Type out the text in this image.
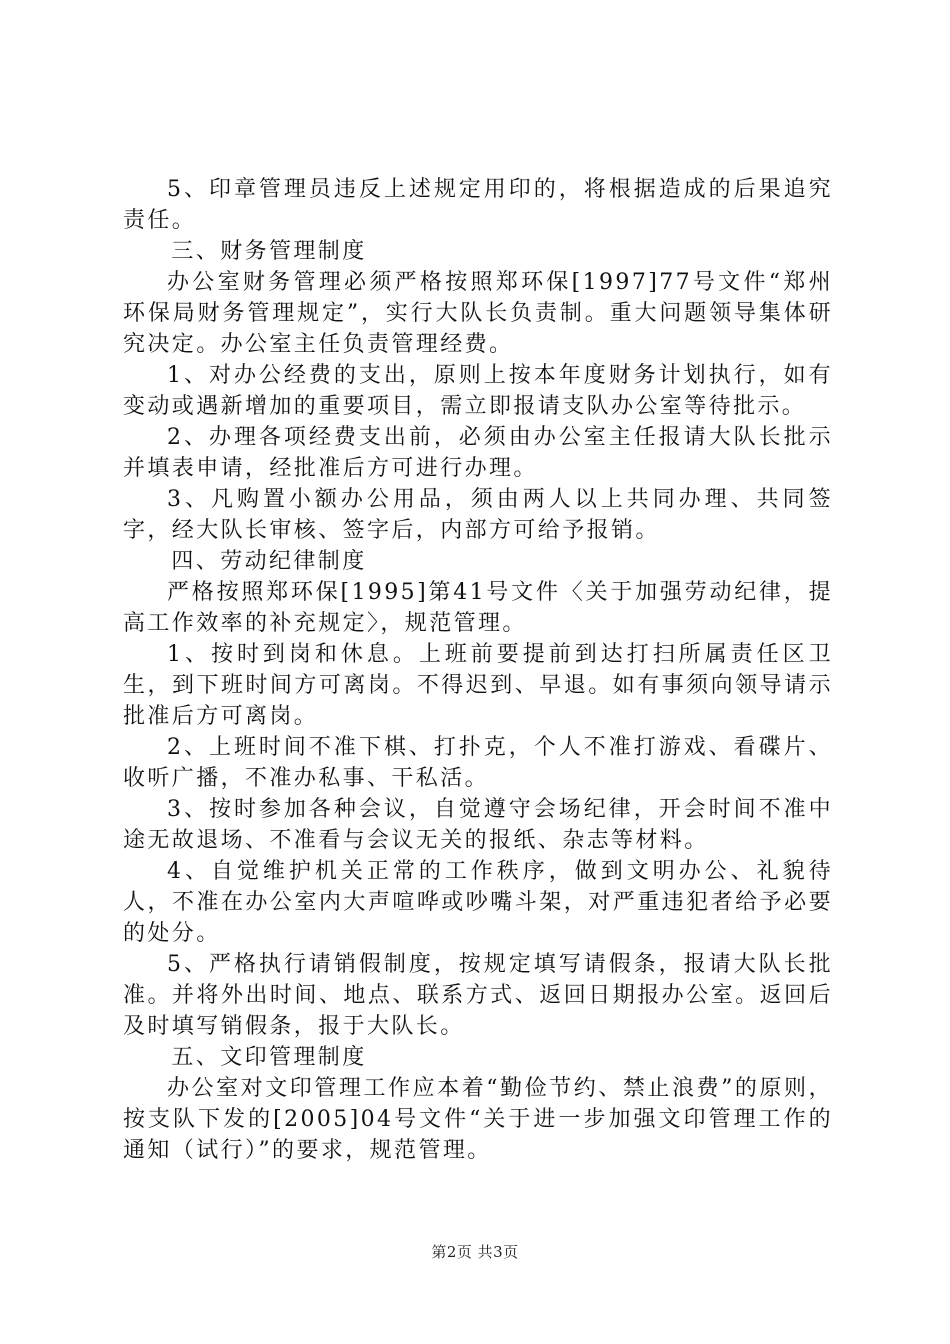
5、印章管理员违反上述规定用印的，将根据造成的后果追究责任。

三、财务管理制度

办公室财务管理必须严格按照郑环保[1997]77号文件“郑州环保局财务管理规定”，实行大队长负责制。重大问题领导集体研究决定。办公室主任负责管理经费。

1、对办公经费的支出，原则上按本年度财务计划执行，如有变动或遇新增加的重要项目，需立即报请支队办公室等待批示。

2、办理各项经费支出前，必须由办公室主任报请大队长批示并填表申请，经批准后方可进行办理。

3、凡购置小额办公用品，须由两人以上共同办理、共同签字，经大队长审核、签字后，内部方可给予报销。

四、劳动纪律制度

严格按照郑环保[1995]第41号文件〈关于加强劳动纪律，提高工作效率的补充规定〉，规范管理。

1、按时到岗和休息。上班前要提前到达打扫所属责任区卫生，到下班时间方可离岗。不得迟到、早退。如有事须向领导请示批准后方可离岗。

2、上班时间不准下棋、打扑克，个人不准打游戏、看碟片、收听广播，不准办私事、干私活。

3、按时参加各种会议，自觉遵守会场纪律，开会时间不准中途无故退场、不准看与会议无关的报纸、杂志等材料。

4、自觉维护机关正常的工作秩序，做到文明办公、礼貌待人，不准在办公室内大声喧哗或吵嘴斗架，对严重违犯者给予必要的处分。

5、严格执行请销假制度，按规定填写请假条，报请大队长批准。并将外出时间、地点、联系方式、返回日期报办公室。返回后及时填写销假条，报于大队长。

五、文印管理制度

办公室对文印管理工作应本着“勤俭节约、禁止浪费”的原则，按支队下发的[2005]04号文件“关于进一步加强文印管理工作的通知（试行）”的要求，规范管理。

第2页 共3页
